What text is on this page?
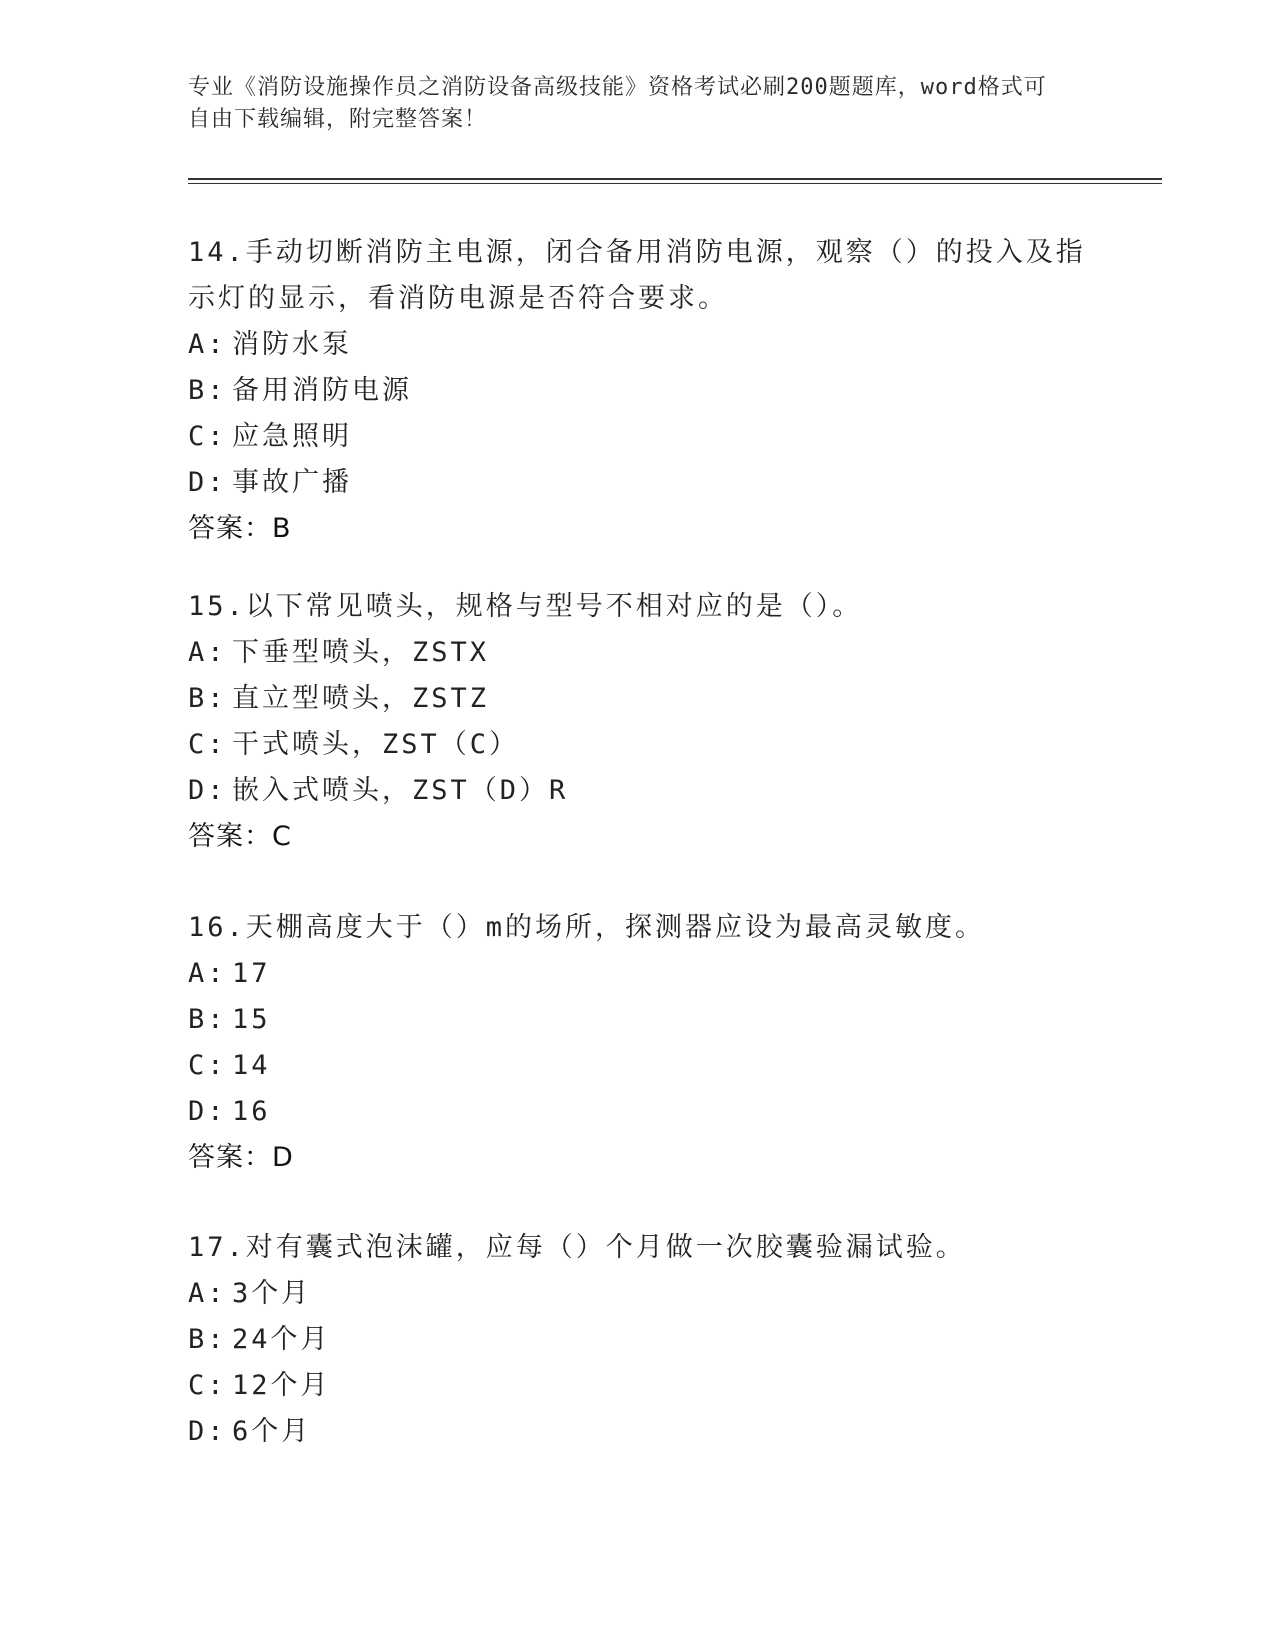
专业《消防设施操作员之消防设备高级技能》资格考试必刷200题题库，word格式可自由下载编辑，附完整答案！

14.手动切断消防主电源，闭合备用消防电源，观察（）的投入及指示灯的显示，看消防电源是否符合要求。

A: 消防水泵
B: 备用消防电源
C: 应急照明
D: 事故广播
答案：B

15.以下常见喷头，规格与型号不相对应的是（）。

A: 下垂型喷头，ZSTX
B: 直立型喷头，ZSTZ
C: 干式喷头，ZST（C）
D: 嵌入式喷头，ZST（D）R
答案：C

16.天棚高度大于（）m的场所，探测器应设为最高灵敏度。

A: 17
B: 15
C: 14
D: 16
答案：D

17.对有囊式泡沫罐，应每（）个月做一次胶囊验漏试验。

A: 3个月
B: 24个月
C: 12个月
D: 6个月
